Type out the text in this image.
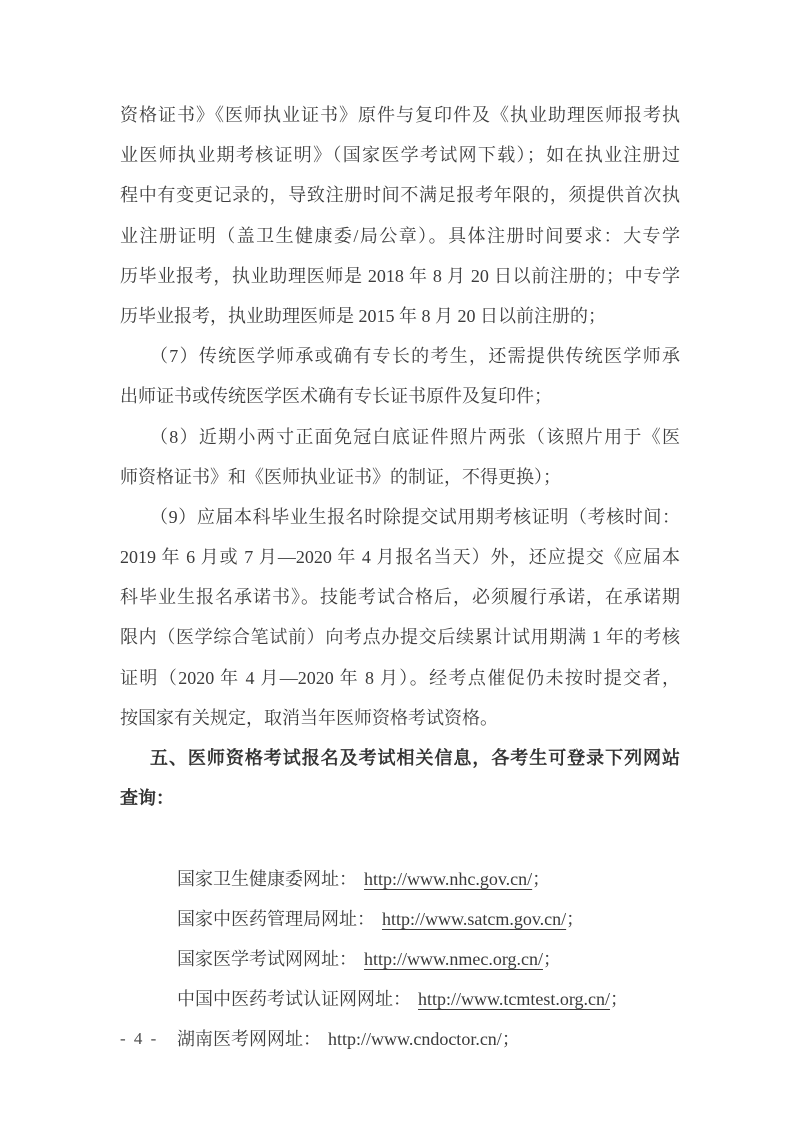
资格证书》《医师执业证书》原件与复印件及《执业助理医师报考执
业医师执业期考核证明》（国家医学考试网下载）；如在执业注册过
程中有变更记录的，导致注册时间不满足报考年限的，须提供首次执
业注册证明（盖卫生健康委/局公章）。具体注册时间要求：大专学
历毕业报考，执业助理医师是 2018 年 8 月 20 日以前注册的；中专学
历毕业报考，执业助理医师是 2015 年 8 月 20 日以前注册的；
（7）传统医学师承或确有专长的考生，还需提供传统医学师承
出师证书或传统医学医术确有专长证书原件及复印件；
（8）近期小两寸正面免冠白底证件照片两张（该照片用于《医
师资格证书》和《医师执业证书》的制证，不得更换）；
（9）应届本科毕业生报名时除提交试用期考核证明（考核时间：
2019 年 6 月或 7 月—2020 年 4 月报名当天）外，还应提交《应届本
科毕业生报名承诺书》。技能考试合格后，必须履行承诺，在承诺期
限内（医学综合笔试前）向考点办提交后续累计试用期满 1 年的考核
证明（2020 年 4 月—2020 年 8 月）。经考点催促仍未按时提交者，
按国家有关规定，取消当年医师资格考试资格。
五、医师资格考试报名及考试相关信息，各考生可登录下列网站
查询：

国家卫生健康委网址： http://www.nhc.gov.cn/；

国家中医药管理局网址： http://www.satcm.gov.cn/；

国家医学考试网网址： http://www.nmec.org.cn/；

中国中医药考试认证网网址： http://www.tcmtest.org.cn/；

湖南医考网网址： http://www.cndoctor.cn/；

- 4 -
